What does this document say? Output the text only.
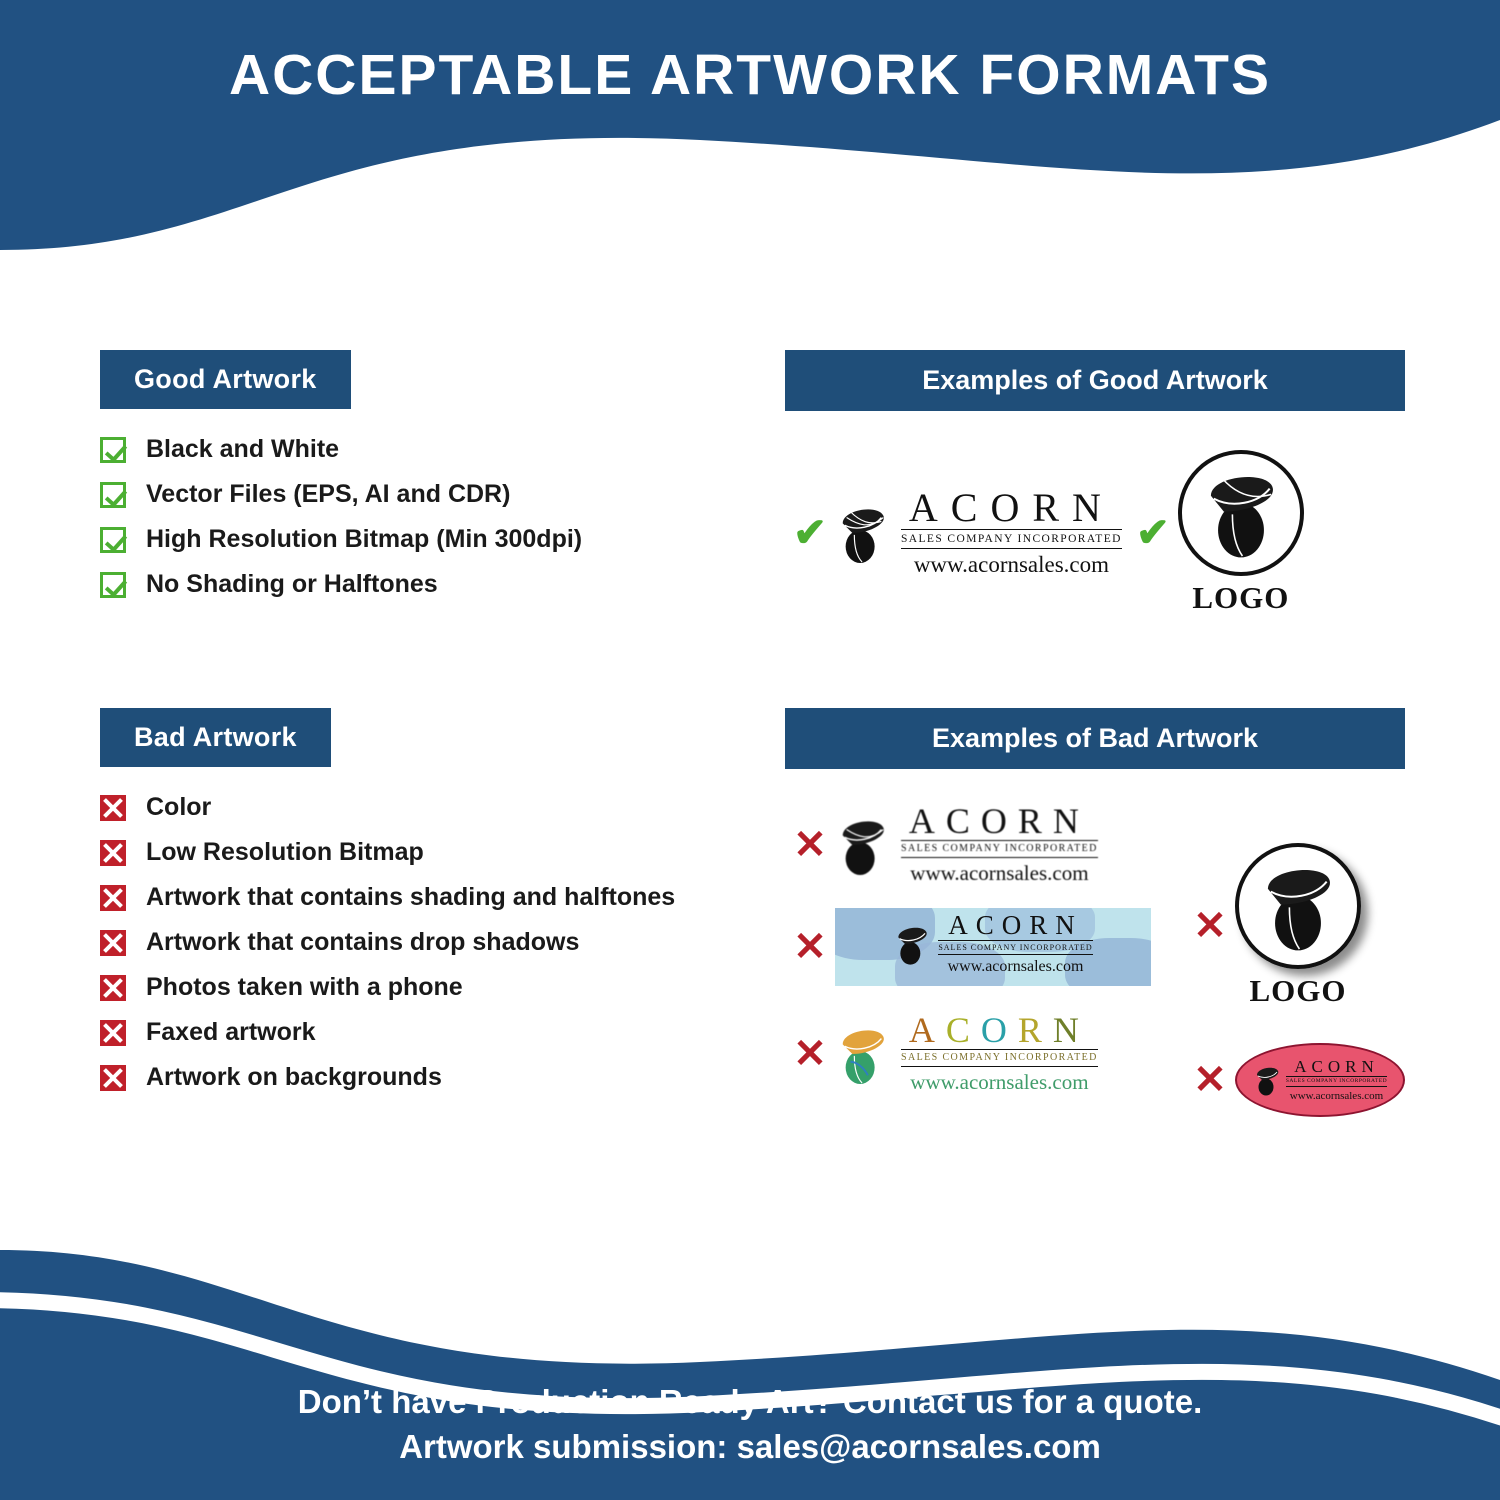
ACCEPTABLE ARTWORK FORMATS
Good Artwork
Black and White
Vector Files (EPS, AI and CDR)
High Resolution Bitmap (Min 300dpi)
No Shading or Halftones
Bad Artwork
Color
Low Resolution Bitmap
Artwork that contains shading and halftones
Artwork that contains drop shadows
Photos taken with a phone
Faxed artwork
Artwork on backgrounds
Examples of Good Artwork
✔
ACORN
SALES COMPANY INCORPORATED
www.acornsales.com
✔
LOGO
Examples of Bad Artwork
✕
ACORN
SALES COMPANY INCORPORATED
www.acornsales.com
✕	ACORN
SALES COMPANY INCORPORATED
www.acornsales.com
✕
ACORN
SALES COMPANY INCORPORATED
www.acornsales.com
✕
LOGO
✕	ACORN
SALES COMPANY INCORPORATED
www.acornsales.com
Don’t have Production Ready Art? Contact us for a quote.
Artwork submission: sales@acornsales.com
